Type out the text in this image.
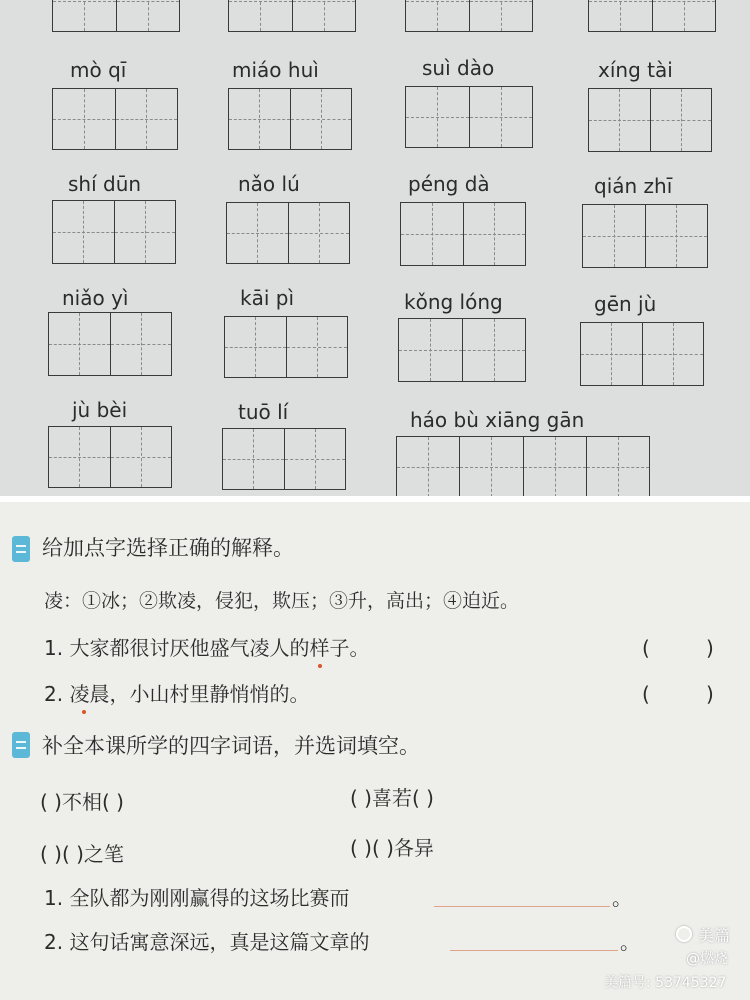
mò qī	miáo huì	suì dào	xíng tài
shí dūn	nǎo lú	péng dà	qián zhī
niǎo yì	kāi pì	kǒng lóng	gēn jù
jù bèi	tuō lí	háo bù xiāng gān
给加点字选择正确的解释。
凌：①冰；②欺凌，侵犯，欺压；③升，高出；④迫近。
1. 大家都很讨厌他盛气凌人的样子。	(	)
2. 凌晨，小山村里静悄悄的。	(	)
补全本课所学的四字词语，并选词填空。
( )不相( )	( )喜若( )
( )( )之笔	( )( )各异
1. 全队都为刚刚赢得的这场比赛而	。
2. 这句话寓意深远，真是这篇文章的	。	美篇
@燃烧
美篇号: 53745327
